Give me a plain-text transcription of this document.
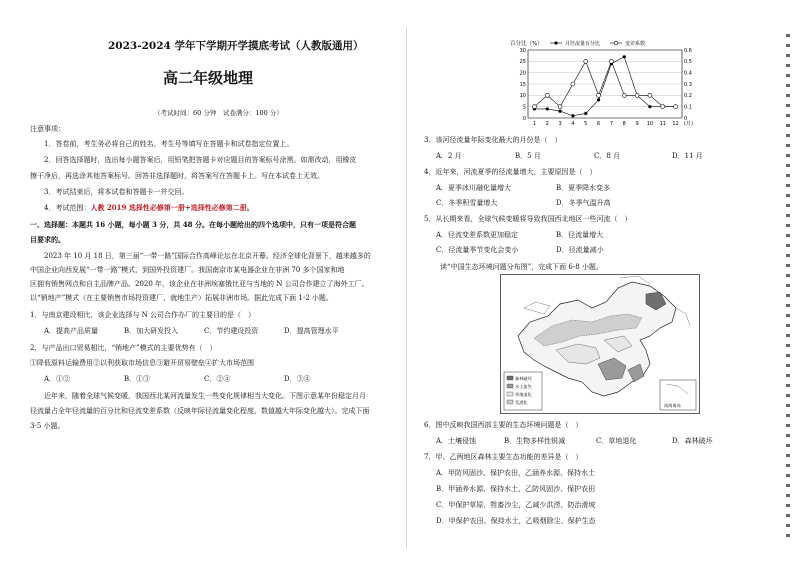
2023-2024 学年下学期开学摸底考试（人教版通用）
高二年级地理
（考试时间：60 分钟　试卷满分：100 分）
注意事项：
1．答卷前，考生务必将自己的姓名、考生号等填写在答题卡和试卷指定位置上。
2．回答选择题时，选出每小题答案后，用铅笔把答题卡对应题目的答案标号涂黑。如需改动，用橡皮
擦干净后，再选涂其他答案标号。回答非选择题时，将答案写在答题卡上。写在本试卷上无效。
3．考试结束后，将本试卷和答题卡一并交回。
4．考试范围：人教 2019 选择性必修第一册+选择性必修第二册。
一、选择题：本题共 16 小题，每小题 3 分，共 48 分。在每小题给出的四个选项中，只有一项是符合题
目要求的。
2023 年 10 月 18 日，第三届“一带一路”国际合作高峰论坛在北京开幕。经济全球化背景下，越来越多的
中国企业向西发展“一带一路”模式，到国外投资建厂。我国南京市某电器企业在非洲 70 多个国家和地
区拥有销售网点和自主品牌产品。2020 年，该企业在非洲埃塞俄比亚与当地的 N 公司合作建立了海外工厂。
以“销地产”模式（在主要销售市场投资建厂，就地生产）拓展非洲市场。据此完成下面 1-2 小题。
1．与南京建设相比，该企业选择与 N 公司合作办厂的主要目的是（　）
A．提高产品质量	B．加大研发投入	C．节约建设投资	D．提高管理水平
2．与产品出口贸易相比，“销地产”模式的主要优势有（　）
①降低原料运输费用②以利获取市场信息③避开贸易壁垒④扩大市场范围
A．①②	B．①③	C．②④	D．③④
近年来，随着全球气候变暖，我国西北某河流量发生一些变化规律相当大变化。下图示意某年份稳定月月
径流量占全年径流量的百分比和径流变差系数（反映年际径流量变化程度，数值越大年际变化越大）。完成下面
3-5 小题。
百分比（%）	月径流量百分比	变差系数
0
5
10
15
20
25
30
0
0.1
0.2
0.3
0.4
0.5
0.6
1 2 3 4 5 6 7 8 9 10 11 12 (月)
3．该河径流量年际变化最大的月份是（　）
A．2 月	B．5 月	C．8 月	D．11 月
4．近年来，河流夏季的径流量增大，主要原因是（　）
A．夏季冰川融化量增大	B．夏季降水变多
C．冬季积雪量增大	D．冬季气温升高
5．从长期来看，全球气候变暖将导致我国西北地区一些河流（　）
A．径流变差系数更加稳定	B．径流量增大
C．径流量季节变化会变小	D．径流量减小
读“中国生态环境问题分布图”，完成下面 6-8 小题。
森林破坏
水土流失
草地退化
荒漠化
南海诸岛
6．图中反映我国西部主要的生态环境问题是（　）
A．土壤侵蚀	B．生物多样性锐减	C．草地退化	D．森林破坏
7．甲、乙两地区森林主要生态功能的差异是（　）
A．甲防风固沙、保护农田，乙涵养水源、保持水土
B．甲涵养水源、保持水土，乙防风固沙、保护农田
C．甲保护草原、牲畜沙尘，乙减少洪涝、防治滑坡
D．甲保护农田、保持水土，乙吸烟除尘、保护生态
